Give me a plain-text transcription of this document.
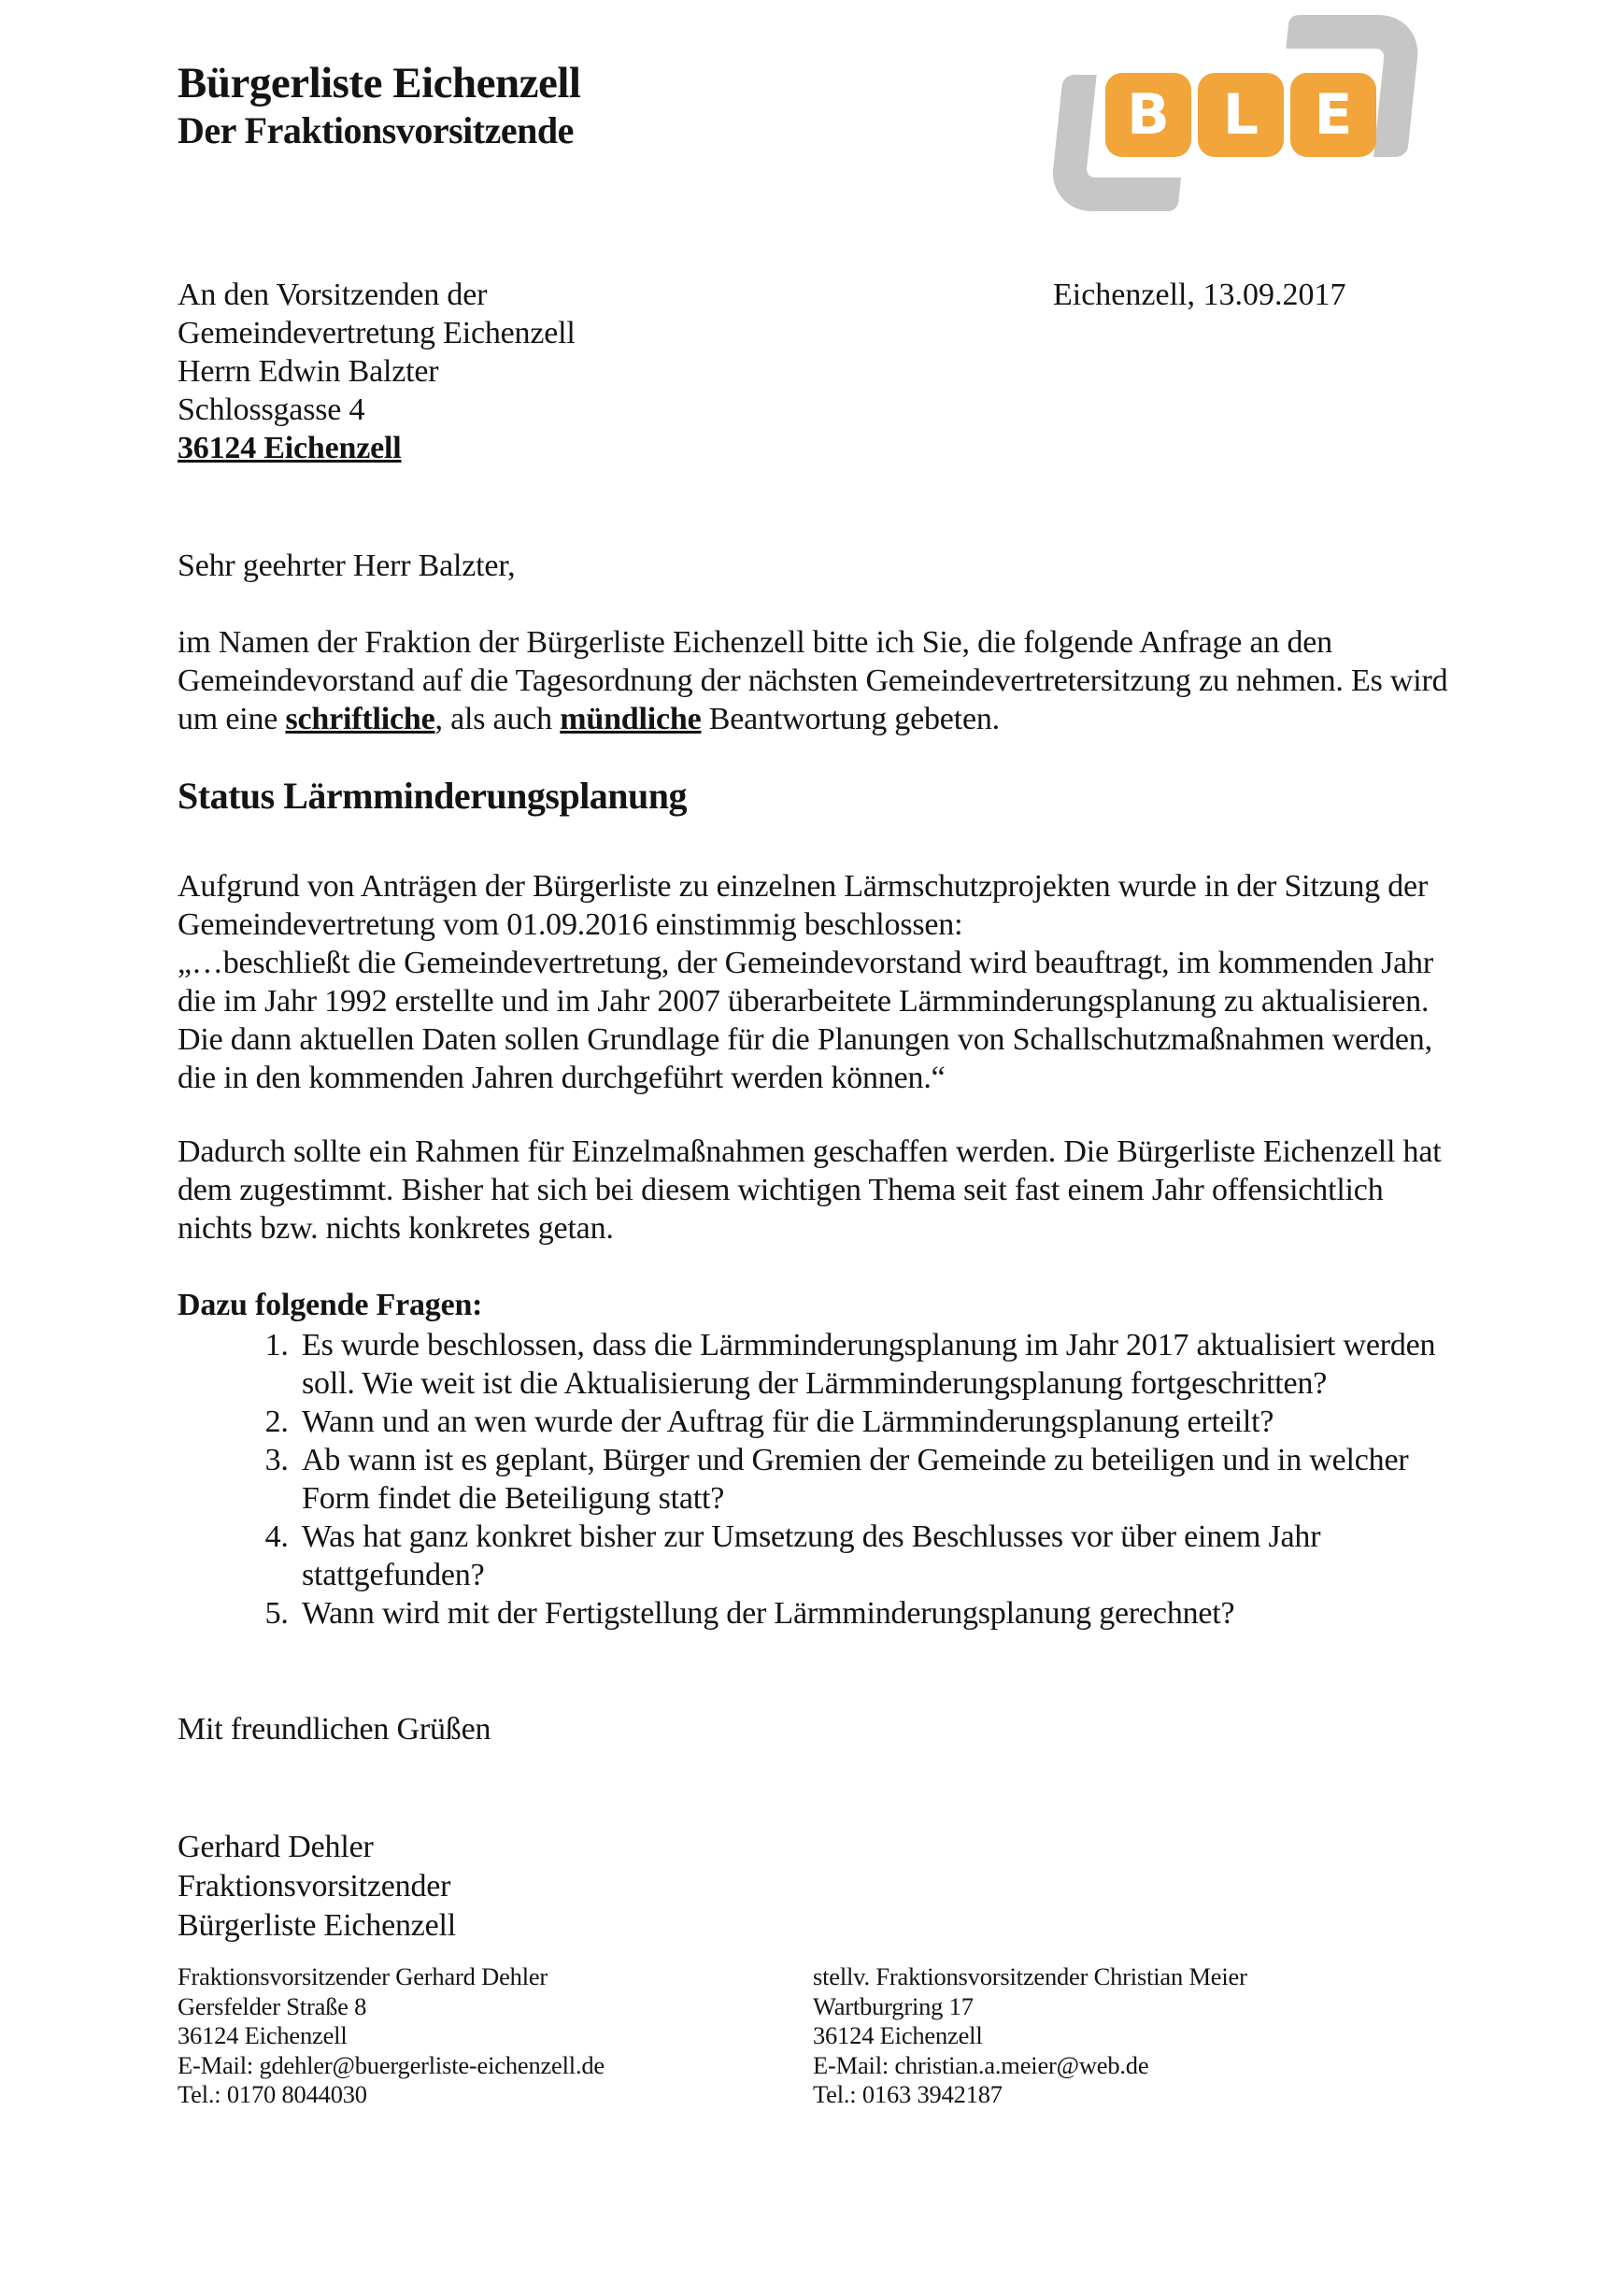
B L E
Bürgerliste Eichenzell
Der Fraktionsvorsitzende
An den Vorsitzenden der
Gemeindevertretung Eichenzell
Herrn Edwin Balzter
Schlossgasse 4
36124 Eichenzell
Eichenzell, 13.09.2017
Sehr geehrter Herr Balzter,

im Namen der Fraktion der Bürgerliste Eichenzell bitte ich Sie, die folgende Anfrage an den Gemeindevorstand auf die Tagesordnung der nächsten Gemeindevertretersitzung zu nehmen. Es wird um eine schriftliche, als auch mündliche Beantwortung gebeten.

Status Lärmminderungsplanung

Aufgrund von Anträgen der Bürgerliste zu einzelnen Lärmschutzprojekten wurde in der Sitzung der Gemeindevertretung vom 01.09.2016 einstimmig beschlossen:
„…beschließt die Gemeindevertretung, der Gemeindevorstand wird beauftragt, im kommenden Jahr die im Jahr 1992 erstellte und im Jahr 2007 überarbeitete Lärmminderungsplanung zu aktualisieren. Die dann aktuellen Daten sollen Grundlage für die Planungen von Schallschutzmaßnahmen werden, die in den kommenden Jahren durchgeführt werden können.“

Dadurch sollte ein Rahmen für Einzelmaßnahmen geschaffen werden. Die Bürgerliste Eichenzell hat dem zugestimmt. Bisher hat sich bei diesem wichtigen Thema seit fast einem Jahr offensichtlich nichts bzw. nichts konkretes getan.

Dazu folgende Fragen:
1. Es wurde beschlossen, dass die Lärmminderungsplanung im Jahr 2017 aktualisiert werden soll. Wie weit ist die Aktualisierung der Lärmminderungsplanung fortgeschritten?
2. Wann und an wen wurde der Auftrag für die Lärmminderungsplanung erteilt?
3. Ab wann ist es geplant, Bürger und Gremien der Gemeinde zu beteiligen und in welcher Form findet die Beteiligung statt?
4. Was hat ganz konkret bisher zur Umsetzung des Beschlusses vor über einem Jahr stattgefunden?
5. Wann wird mit der Fertigstellung der Lärmminderungsplanung gerechnet?
Mit freundlichen Grüßen
Gerhard Dehler
Fraktionsvorsitzender
Bürgerliste Eichenzell
Fraktionsvorsitzender Gerhard Dehler
Gersfelder Straße 8
36124 Eichenzell
E-Mail: gdehler@buergerliste-eichenzell.de
Tel.: 0170 8044030
stellv. Fraktionsvorsitzender Christian Meier
Wartburgring 17
36124 Eichenzell
E-Mail: christian.a.meier@web.de
Tel.: 0163 3942187
